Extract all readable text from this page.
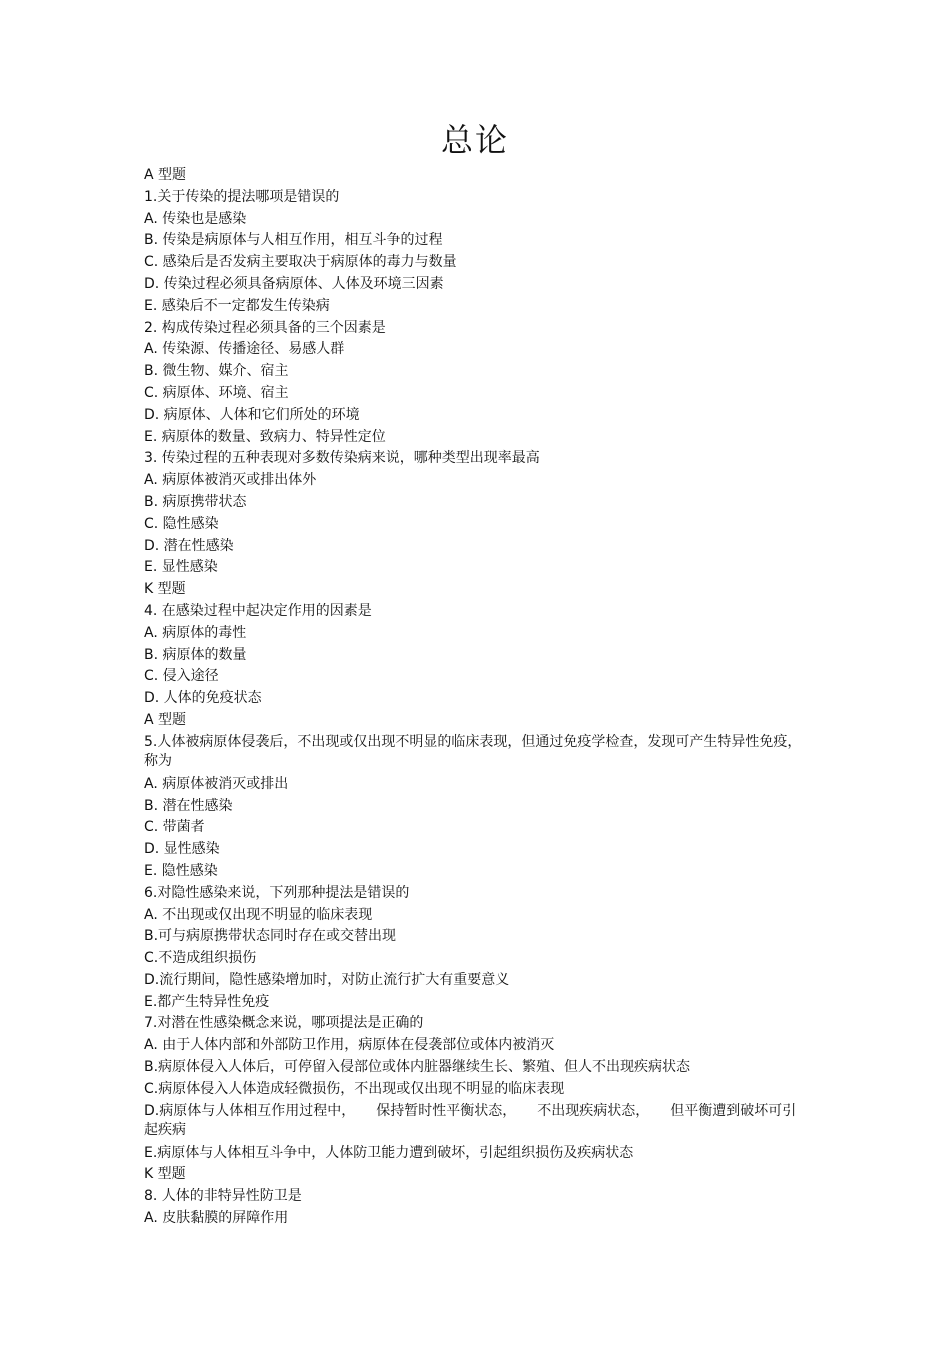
总论
A 型题
1.关于传染的提法哪项是错误的
A. 传染也是感染
B. 传染是病原体与人相互作用，相互斗争的过程
C. 感染后是否发病主要取决于病原体的毒力与数量
D. 传染过程必须具备病原体、人体及环境三因素
E. 感染后不一定都发生传染病
2. 构成传染过程必须具备的三个因素是
A. 传染源、传播途径、易感人群
B. 微生物、媒介、宿主
C. 病原体、环境、宿主
D. 病原体、人体和它们所处的环境
E. 病原体的数量、致病力、特异性定位
3. 传染过程的五种表现对多数传染病来说，哪种类型出现率最高
A. 病原体被消灭或排出体外
B. 病原携带状态
C. 隐性感染
D. 潜在性感染
E. 显性感染
K 型题
4. 在感染过程中起决定作用的因素是
A. 病原体的毒性
B. 病原体的数量
C. 侵入途径
D. 人体的免疫状态
A 型题
5.人体被病原体侵袭后，不出现或仅出现不明显的临床表现，但通过免疫学检查，发现可产生特异性免疫，称为
A. 病原体被消灭或排出
B. 潜在性感染
C. 带菌者
D. 显性感染
E. 隐性感染
6.对隐性感染来说，下列那种提法是错误的
A. 不出现或仅出现不明显的临床表现
B.可与病原携带状态同时存在或交替出现
C.不造成组织损伤
D.流行期间，隐性感染增加时，对防止流行扩大有重要意义
E.都产生特异性免疫
7.对潜在性感染概念来说，哪项提法是正确的
A. 由于人体内部和外部防卫作用，病原体在侵袭部位或体内被消灭
B.病原体侵入人体后，可停留入侵部位或体内脏器继续生长、繁殖、但人不出现疾病状态
C.病原体侵入人体造成轻微损伤，不出现或仅出现不明显的临床表现
D.病原体与人体相互作用过程中，　　保持暂时性平衡状态，　　不出现疾病状态，　　但平衡遭到破坏可引起疾病
E.病原体与人体相互斗争中，人体防卫能力遭到破坏，引起组织损伤及疾病状态
K 型题
8. 人体的非特异性防卫是
A. 皮肤黏膜的屏障作用
